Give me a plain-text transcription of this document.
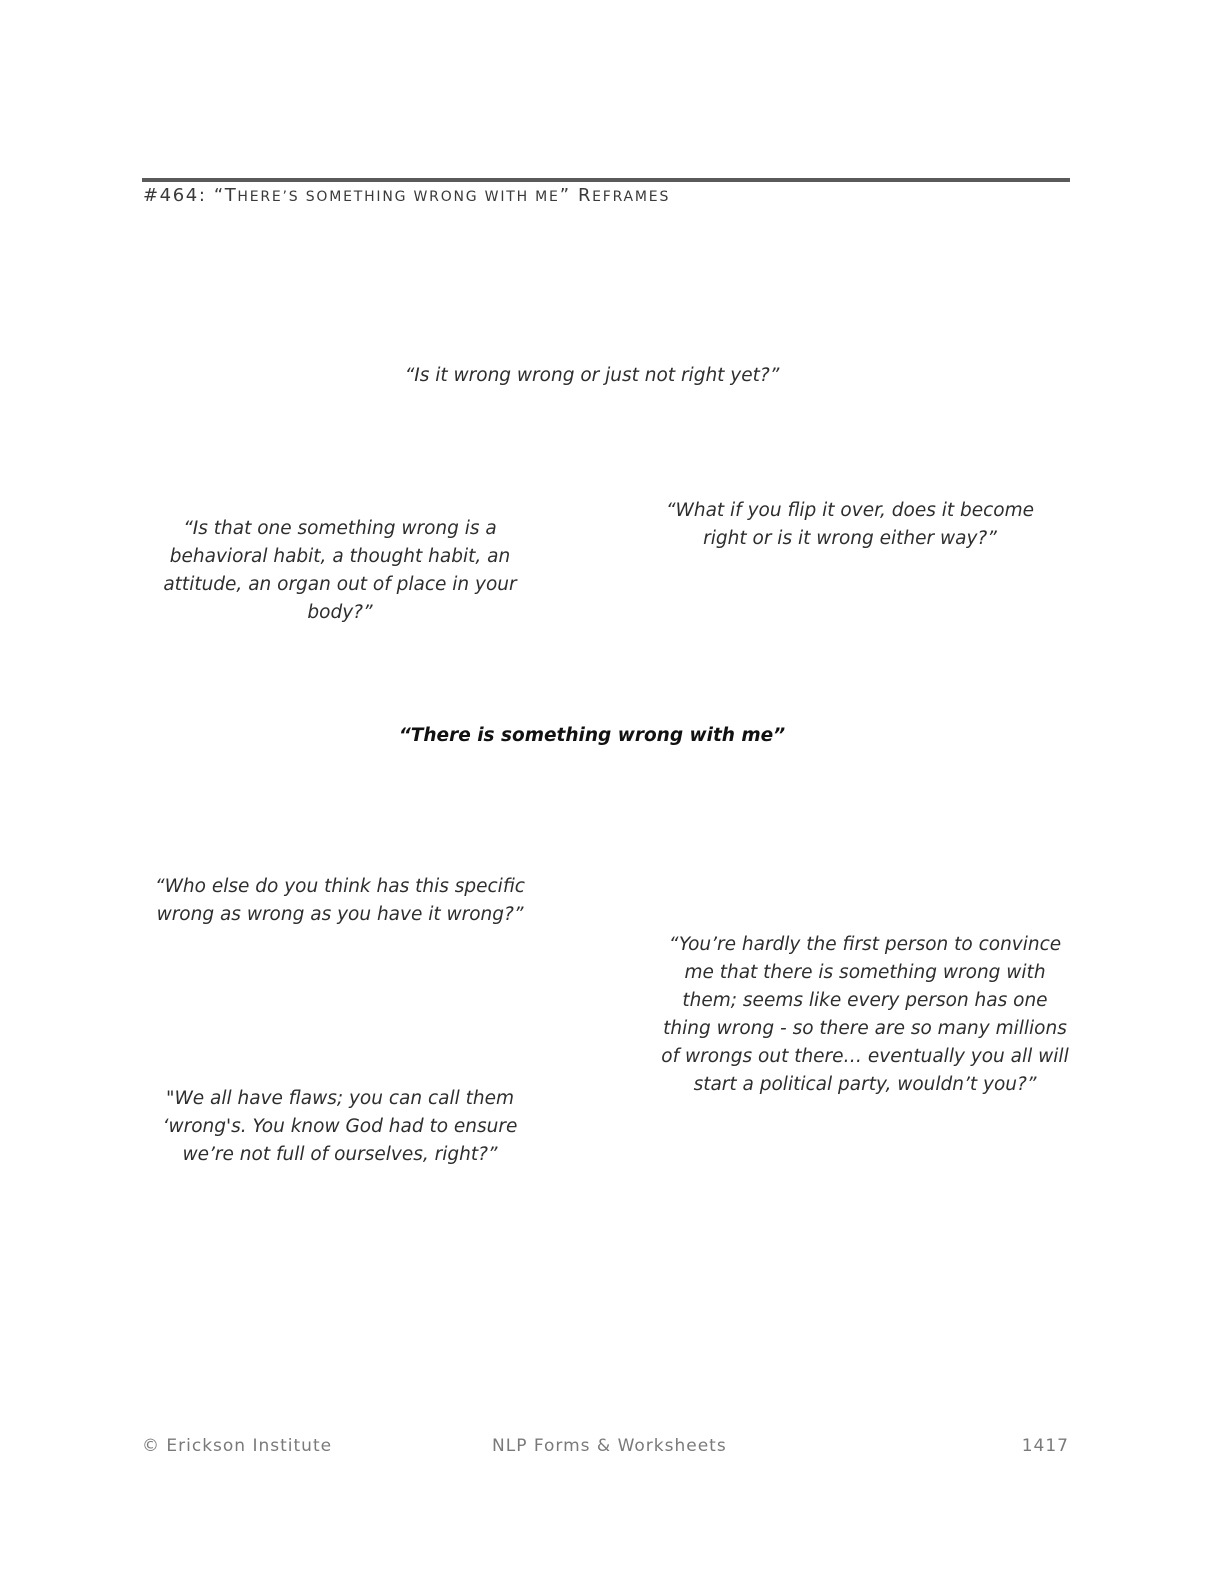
#464: “THERE’S SOMETHING WRONG WITH ME” REFRAMES
“Is it wrong wrong or just not right yet?”
“Is that one something wrong is a behavioral habit, a thought habit, an attitude, an organ out of place in your body?”
“What if you flip it over, does it become right or is it wrong either way?”
“There is something wrong with me”
“Who else do you think has this specific wrong as wrong as you have it wrong?”
“You’re hardly the first person to convince me that there is something wrong with them; seems like every person has one thing wrong - so there are so many millions of wrongs out there… eventually you all will start a political party, wouldn’t you?”
"We all have flaws; you can call them ‘wrong's. You know God had to ensure we’re not full of ourselves, right?”
© Erickson Institute	NLP Forms & Worksheets	1417
